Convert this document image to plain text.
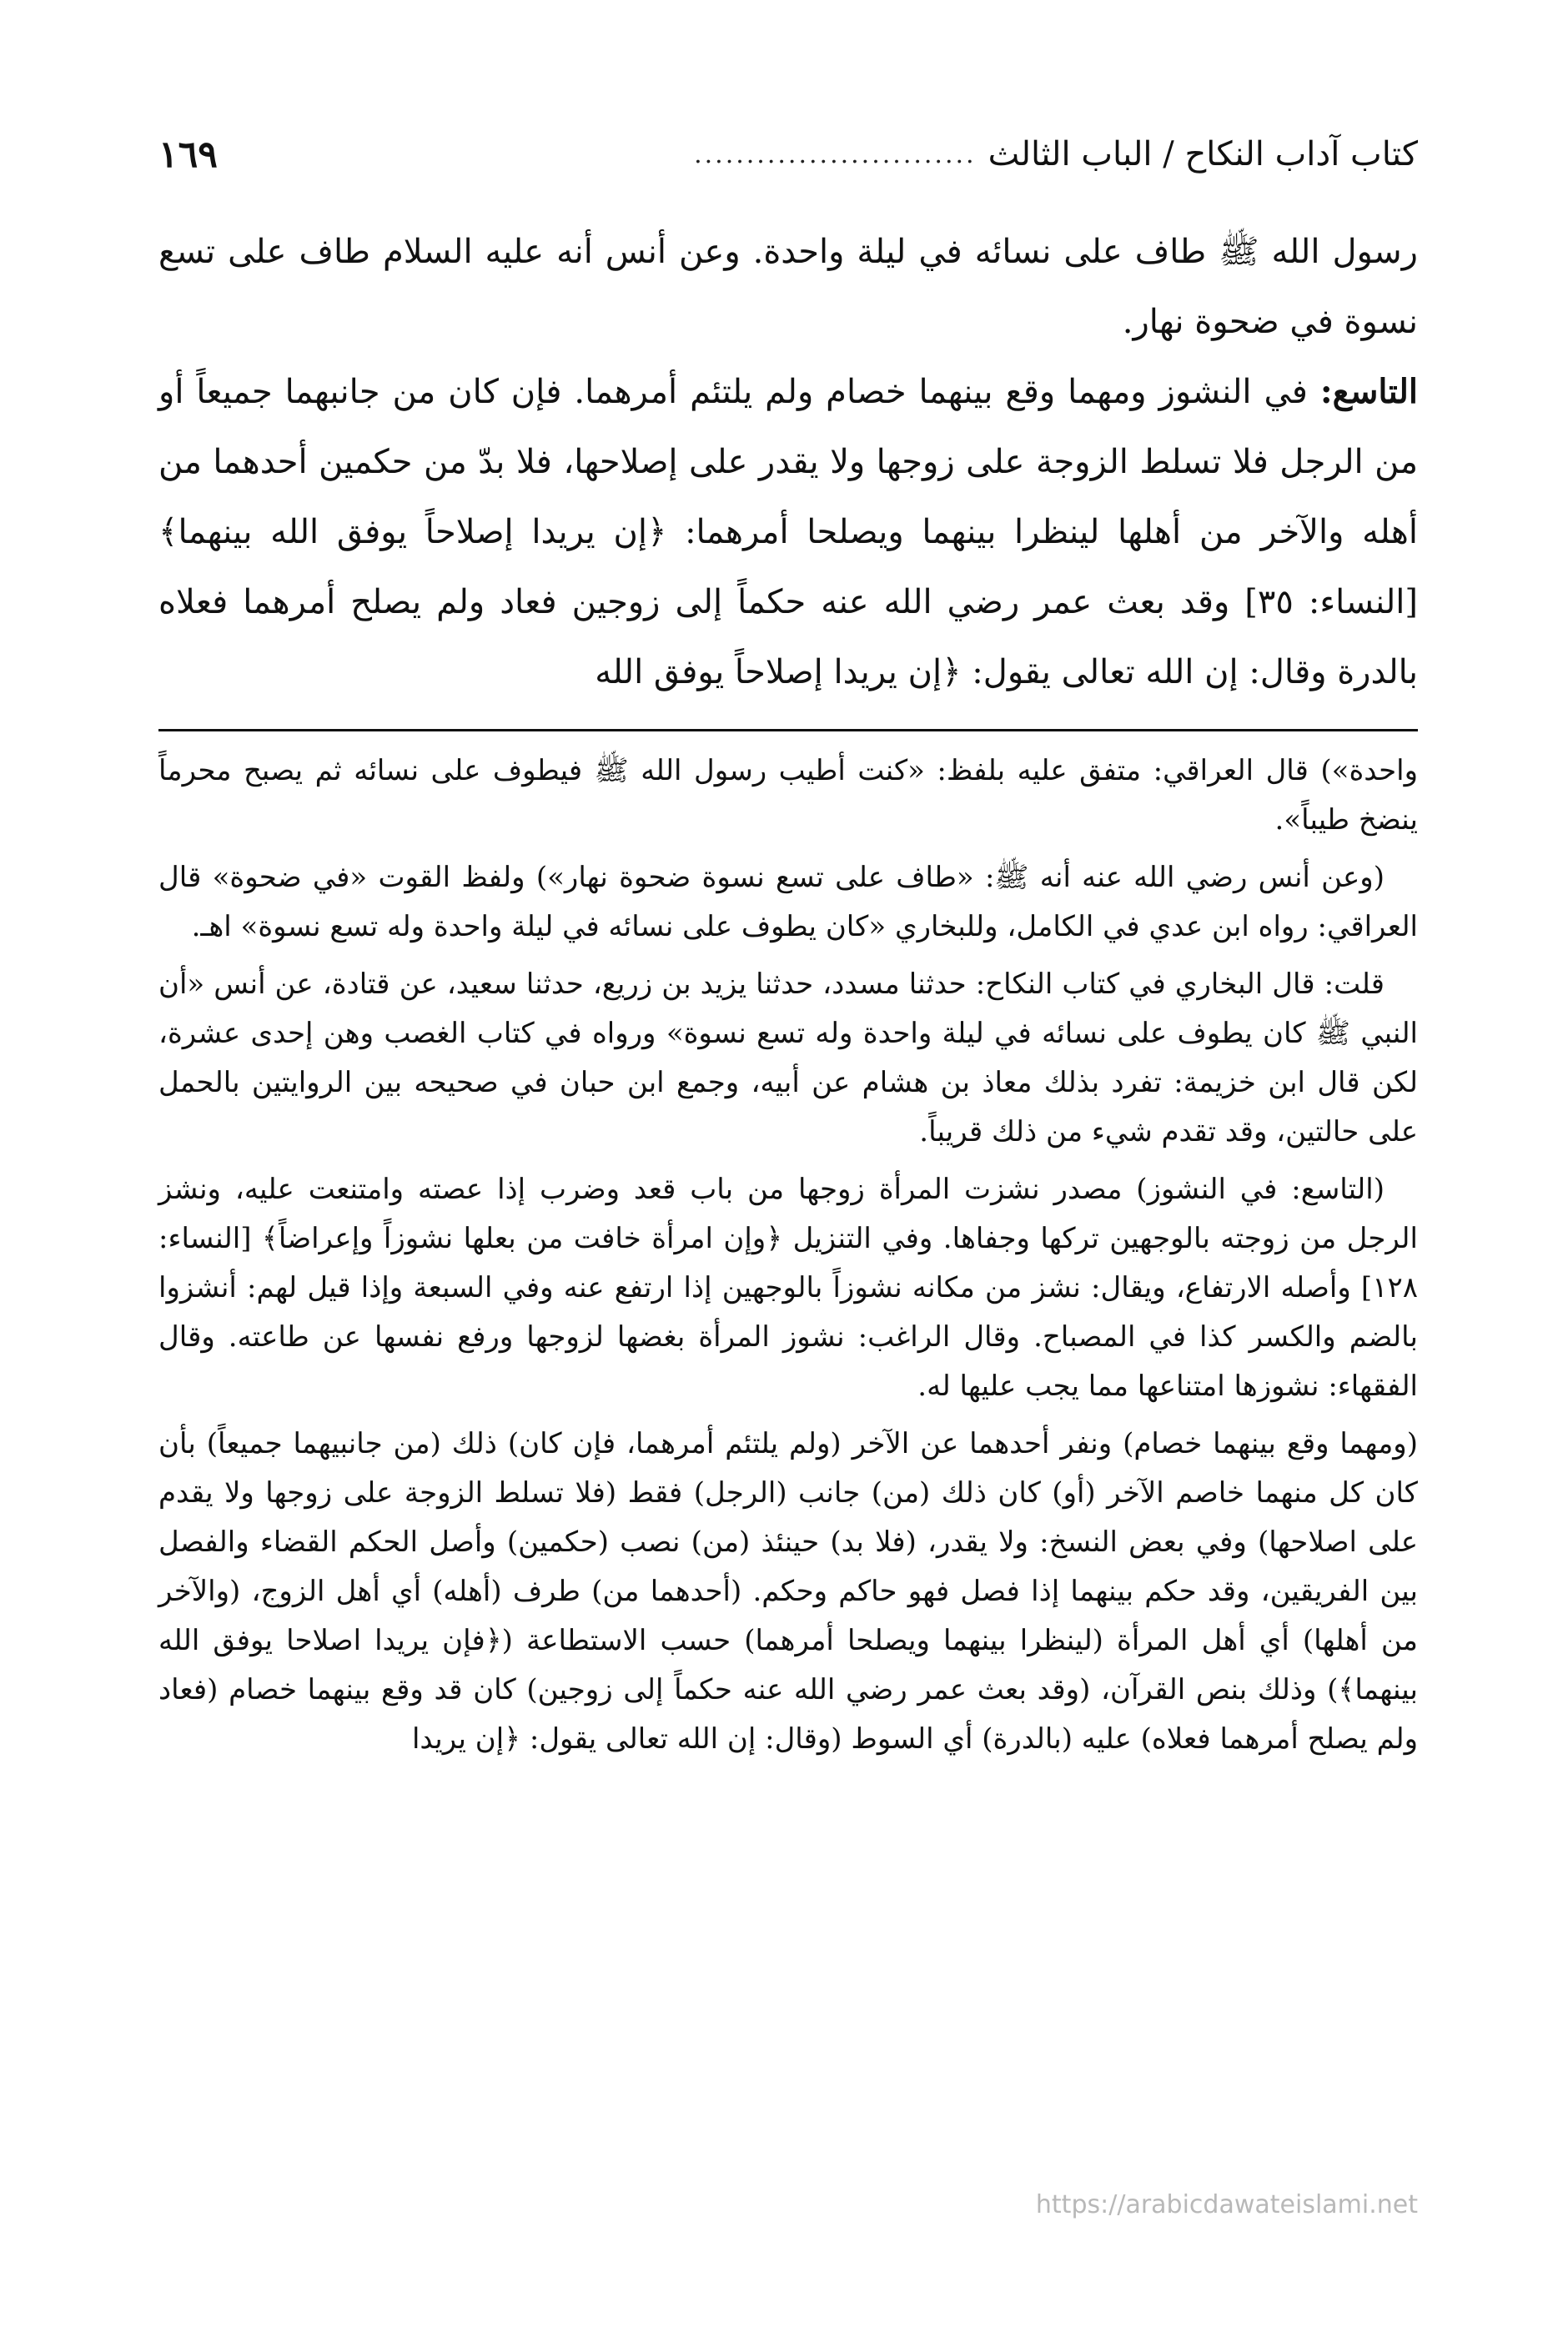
كتاب آداب النكاح / الباب الثالث
...........................
١٦٩

رسول الله ﷺ طاف على نسائه في ليلة واحدة. وعن أنس أنه عليه السلام طاف على تسع نسوة في ضحوة نهار.

التاسع: في النشوز ومهما وقع بينهما خصام ولم يلتئم أمرهما. فإن كان من جانبهما جميعاً أو من الرجل فلا تسلط الزوجة على زوجها ولا يقدر على إصلاحها، فلا بدّ من حكمين أحدهما من أهله والآخر من أهلها لينظرا بينهما ويصلحا أمرهما: ﴿إن يريدا إصلاحاً يوفق الله بينهما﴾ [النساء: ٣٥] وقد بعث عمر رضي الله عنه حكماً إلى زوجين فعاد ولم يصلح أمرهما فعلاه بالدرة وقال: إن الله تعالى يقول: ﴿إن يريدا إصلاحاً يوفق الله

واحدة») قال العراقي: متفق عليه بلفظ: «كنت أطيب رسول الله ﷺ فيطوف على نسائه ثم يصبح محرماً ينضخ طيباً».

(وعن أنس رضي الله عنه أنه ﷺ: «طاف على تسع نسوة ضحوة نهار») ولفظ القوت «في ضحوة» قال العراقي: رواه ابن عدي في الكامل، وللبخاري «كان يطوف على نسائه في ليلة واحدة وله تسع نسوة» اهـ.

قلت: قال البخاري في كتاب النكاح: حدثنا مسدد، حدثنا يزيد بن زريع، حدثنا سعيد، عن قتادة، عن أنس «أن النبي ﷺ كان يطوف على نسائه في ليلة واحدة وله تسع نسوة» ورواه في كتاب الغصب وهن إحدى عشرة، لكن قال ابن خزيمة: تفرد بذلك معاذ بن هشام عن أبيه، وجمع ابن حبان في صحيحه بين الروايتين بالحمل على حالتين، وقد تقدم شيء من ذلك قريباً.

(التاسع: في النشوز) مصدر نشزت المرأة زوجها من باب قعد وضرب إذا عصته وامتنعت عليه، ونشز الرجل من زوجته بالوجهين تركها وجفاها. وفي التنزيل ﴿وإن امرأة خافت من بعلها نشوزاً وإعراضاً﴾ [النساء: ١٢٨] وأصله الارتفاع، ويقال: نشز من مكانه نشوزاً بالوجهين إذا ارتفع عنه وفي السبعة وإذا قيل لهم: أنشزوا بالضم والكسر كذا في المصباح. وقال الراغب: نشوز المرأة بغضها لزوجها ورفع نفسها عن طاعته. وقال الفقهاء: نشوزها امتناعها مما يجب عليها له.

(ومهما وقع بينهما خصام) ونفر أحدهما عن الآخر (ولم يلتئم أمرهما، فإن كان) ذلك (من جانبيهما جميعاً) بأن كان كل منهما خاصم الآخر (أو) كان ذلك (من) جانب (الرجل) فقط (فلا تسلط الزوجة على زوجها ولا يقدم على اصلاحها) وفي بعض النسخ: ولا يقدر، (فلا بد) حينئذ (من) نصب (حكمين) وأصل الحكم القضاء والفصل بين الفريقين، وقد حكم بينهما إذا فصل فهو حاكم وحكم. (أحدهما من) طرف (أهله) أي أهل الزوج، (والآخر من أهلها) أي أهل المرأة (لينظرا بينهما ويصلحا أمرهما) حسب الاستطاعة (﴿فإن يريدا اصلاحا يوفق الله بينهما﴾) وذلك بنص القرآن، (وقد بعث عمر رضي الله عنه حكماً إلى زوجين) كان قد وقع بينهما خصام (فعاد ولم يصلح أمرهما فعلاه) عليه (بالدرة) أي السوط (وقال: إن الله تعالى يقول: ﴿إن يريدا

https://arabicdawateislami.net
